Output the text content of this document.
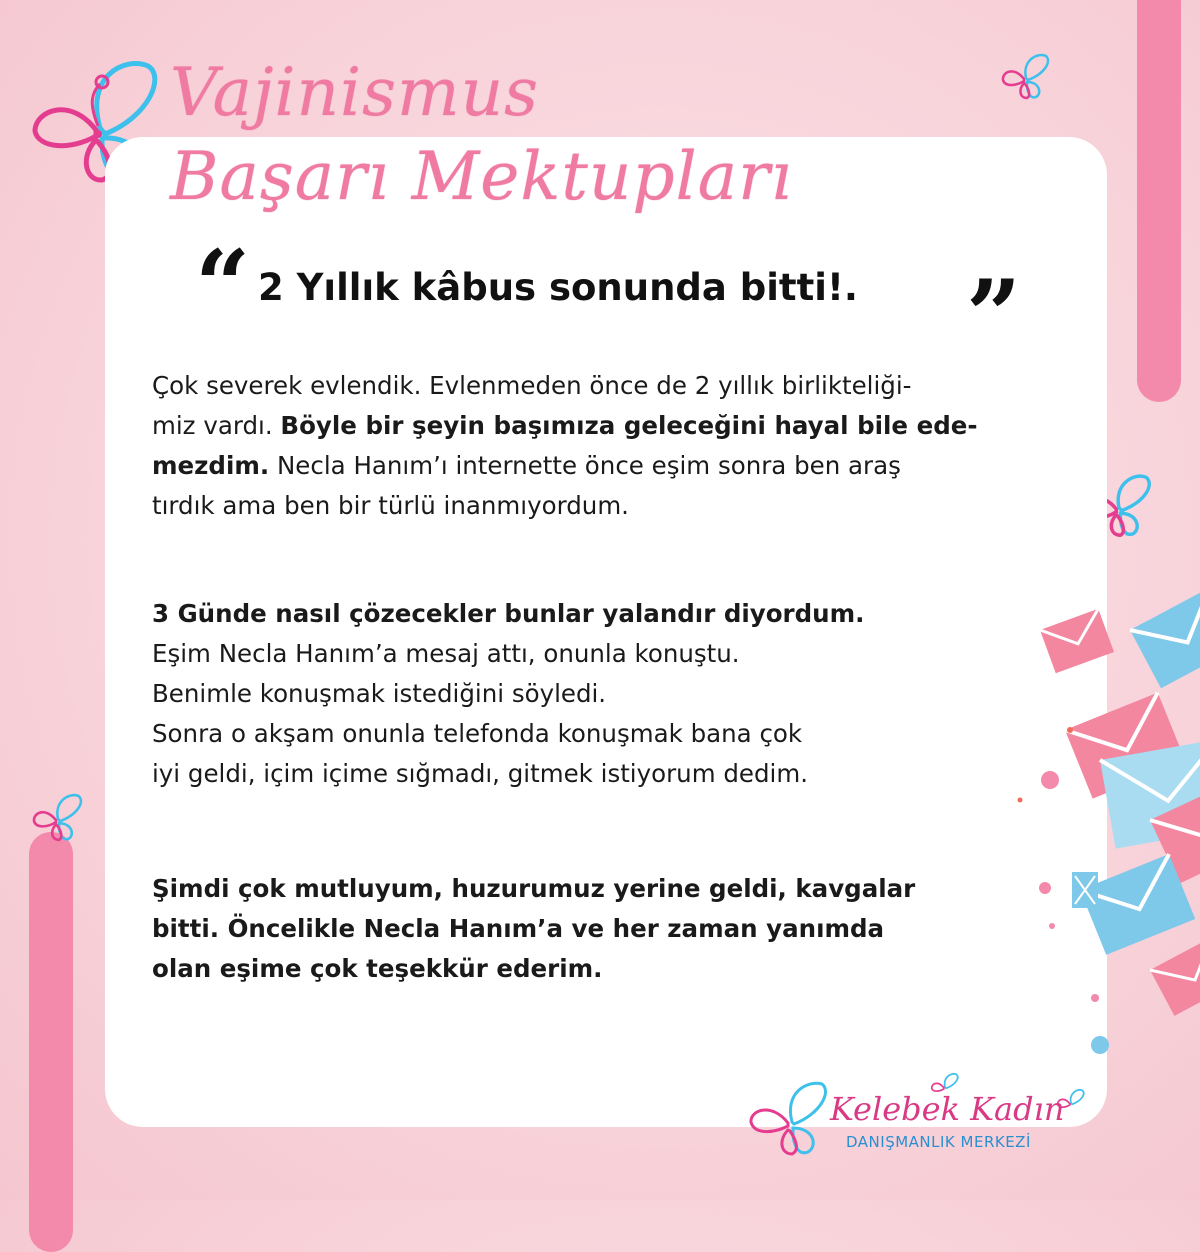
Vajinismus
Başarı Mektupları
“ 2 Yıllık kâbus sonunda bitti!. ”

Çok severek evlendik. Evlenmeden önce de 2 yıllık birlikteliği-
miz vardı. Böyle bir şeyin başımıza geleceğini hayal bile ede-
mezdim. Necla Hanım’ı internette önce eşim sonra ben araş
tırdık ama ben bir türlü inanmıyordum.

3 Günde nasıl çözecekler bunlar yalandır diyordum.
Eşim Necla Hanım’a mesaj attı, onunla konuştu.
Benimle konuşmak istediğini söyledi.
Sonra o akşam onunla telefonda konuşmak bana çok
iyi geldi, içim içime sığmadı, gitmek istiyorum dedim.

Şimdi çok mutluyum, huzurumuz yerine geldi, kavgalar
bitti. Öncelikle Necla Hanım’a ve her zaman yanımda
olan eşime çok teşekkür ederim.

Kelebek Kadın
DANIŞMANLIK MERKEZİ
